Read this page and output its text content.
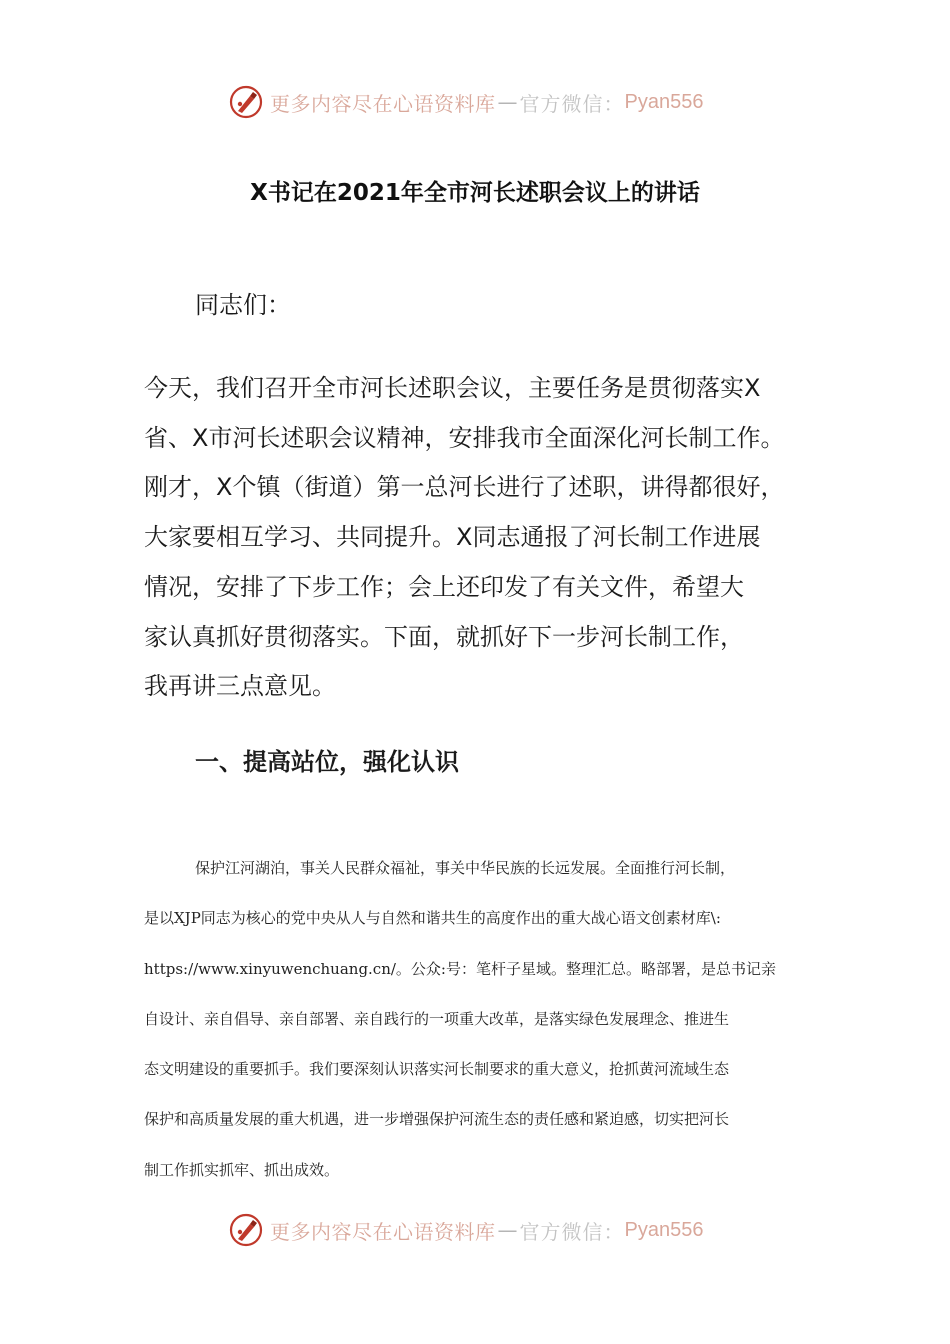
更多内容尽在心语资料库 — 官方微信： Pyan556
X书记在2021年全市河长述职会议上的讲话

同志们：

今天，我们召开全市河长述职会议，主要任务是贯彻落实X
省、X市河长述职会议精神，安排我市全面深化河长制工作。
刚才，X个镇（街道）第一总河长进行了述职，讲得都很好，
大家要相互学习、共同提升。X同志通报了河长制工作进展
情况，安排了下步工作；会上还印发了有关文件，希望大
家认真抓好贯彻落实。下面，就抓好下一步河长制工作，
我再讲三点意见。

一、提高站位，强化认识

保护江河湖泊，事关人民群众福祉，事关中华民族的长远发展。全面推行河长制，
是以XJP同志为核心的党中央从人与自然和谐共生的高度作出的重大战心语文创素材库\:
https://www.xinyuwenchuang.cn/。公众:号：笔杆子星域。整理汇总。略部署，是总书记亲
自设计、亲自倡导、亲自部署、亲自践行的一项重大改革，是落实绿色发展理念、推进生
态文明建设的重要抓手。我们要深刻认识落实河长制要求的重大意义，抢抓黄河流域生态
保护和高质量发展的重大机遇，进一步增强保护河流生态的责任感和紧迫感，切实把河长
制工作抓实抓牢、抓出成效。

更多内容尽在心语资料库 — 官方微信： Pyan556
